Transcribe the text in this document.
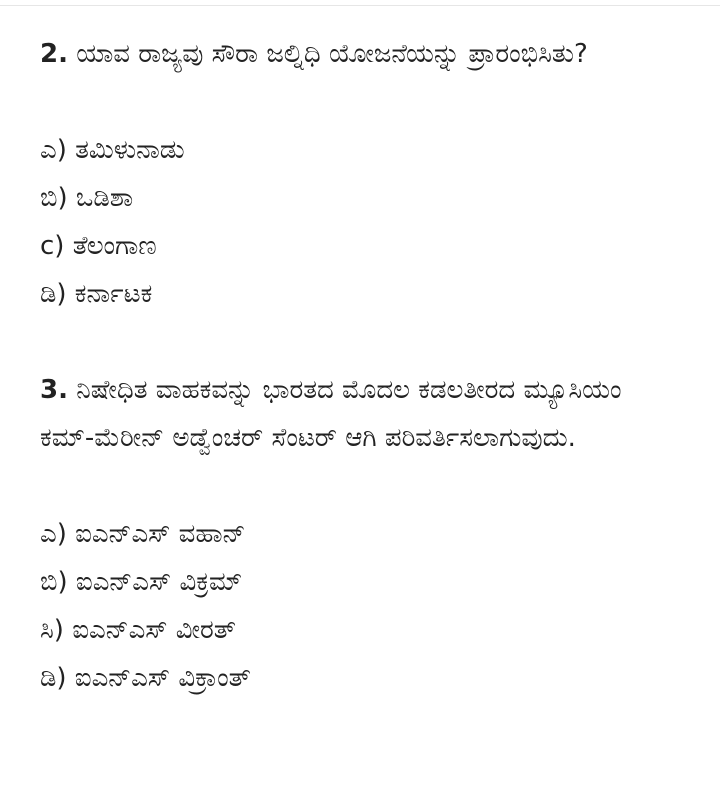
2. ಯಾವ ರಾಜ್ಯವು ಸೌರಾ ಜಲ್ನಿಧಿ ಯೋಜನೆಯನ್ನು ಪ್ರಾರಂಭಿಸಿತು?

ಎ) ತಮಿಳುನಾಡು
ಬಿ) ಒಡಿಶಾ
c) ತೆಲಂಗಾಣ
ಡಿ) ಕರ್ನಾಟಕ

3. ನಿಷೇಧಿತ ವಾಹಕವನ್ನು ಭಾರತದ ಮೊದಲ ಕಡಲತೀರದ ಮ್ಯೂಸಿಯಂ ಕಮ್-ಮೆರೀನ್ ಅಡ್ವೆಂಚರ್ ಸೆಂಟರ್ ಆಗಿ ಪರಿವರ್ತಿಸಲಾಗುವುದು.

ಎ) ಐಎನ್ಎಸ್ ವಹಾನ್
ಬಿ) ಐಎನ್ಎಸ್ ವಿಕ್ರಮ್
ಸಿ) ಐಎನ್ಎಸ್ ವೀರತ್
ಡಿ) ಐಎನ್ಎಸ್ ವಿಕ್ರಾಂತ್
